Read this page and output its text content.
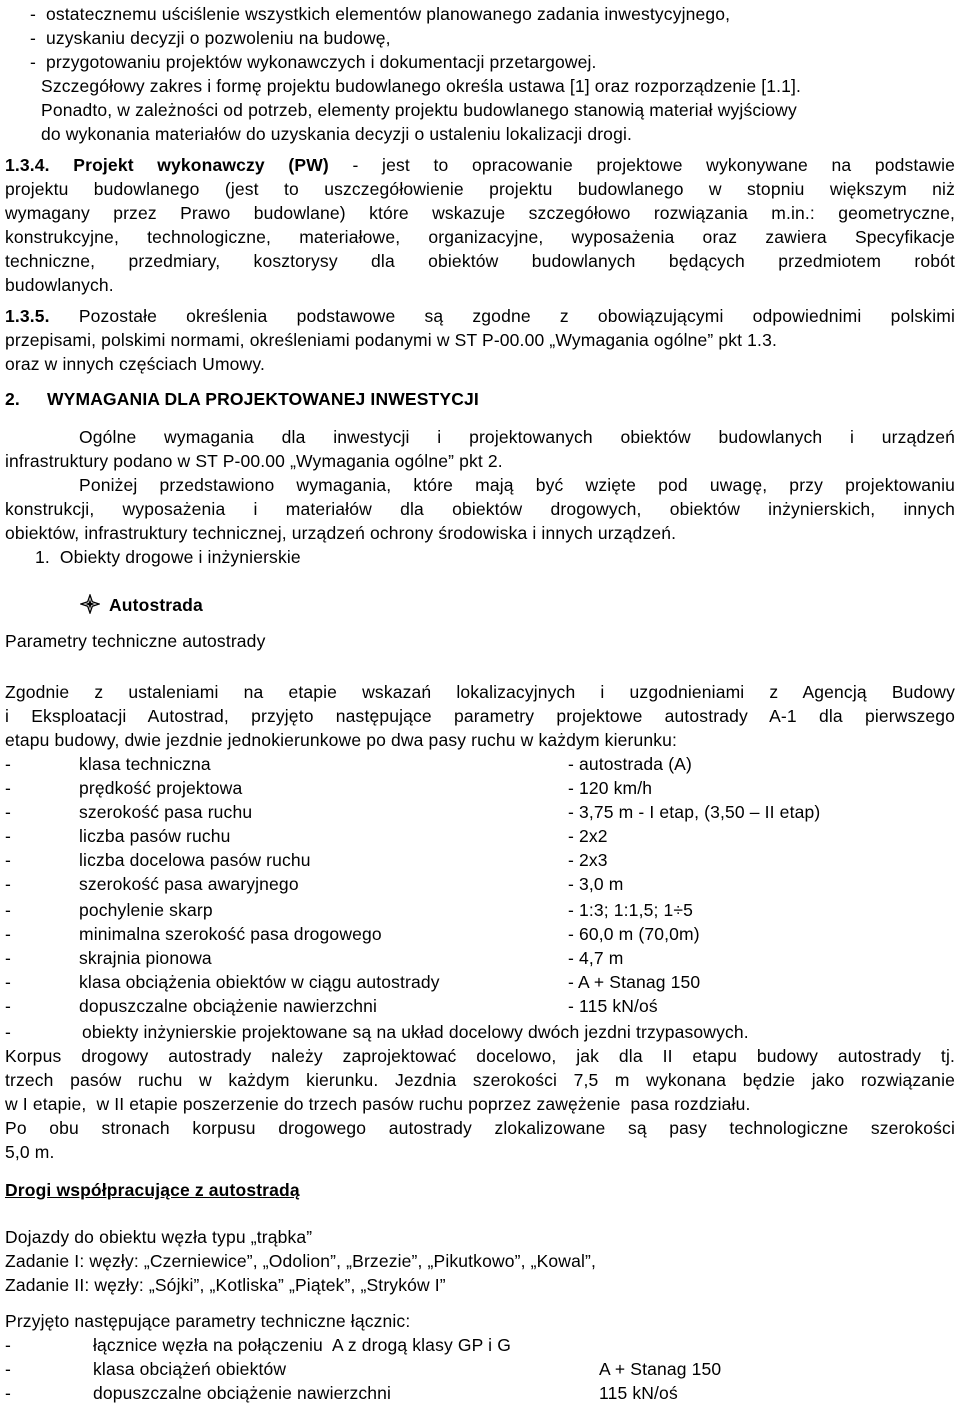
-  ostatecznemu uściślenie wszystkich elementów planowanego zadania inwestycyjnego,
-  uzyskaniu decyzji o pozwoleniu na budowę,
-  przygotowaniu projektów wykonawczych i dokumentacji przetargowej.
Szczegółowy zakres i formę projektu budowlanego określa ustawa [1] oraz rozporządzenie [1.1].
Ponadto, w zależności od potrzeb, elementy projektu budowlanego stanowią materiał wyjściowy
do wykonania materiałów do uzyskania decyzji o ustaleniu lokalizacji drogi.
1.3.4. Projekt wykonawczy (PW) - jest to opracowanie projektowe wykonywane na podstawie
projektu budowlanego (jest to uszczegółowienie projektu budowlanego w stopniu większym niż
wymagany przez Prawo budowlane) które wskazuje szczegółowo rozwiązania m.in.: geometryczne,
konstrukcyjne, technologiczne, materiałowe, organizacyjne, wyposażenia oraz zawiera Specyfikacje
techniczne, przedmiary, kosztorysy dla obiektów budowlanych będących przedmiotem robót
budowlanych.
1.3.5. Pozostałe określenia podstawowe są zgodne z obowiązującymi odpowiednimi polskimi
przepisami, polskimi normami, określeniami podanymi w ST P-00.00 „Wymagania ogólne” pkt 1.3.
oraz w innych częściach Umowy.
2. WYMAGANIA DLA PROJEKTOWANEJ INWESTYCJI
Ogólne wymagania dla inwestycji i projektowanych obiektów budowlanych i urządzeń
infrastruktury podano w ST P-00.00 „Wymagania ogólne” pkt 2.
Poniżej przedstawiono wymagania, które mają być wzięte pod uwagę, przy projektowaniu
konstrukcji, wyposażenia i materiałów dla obiektów drogowych, obiektów inżynierskich, innych
obiektów, infrastruktury technicznej, urządzeń ochrony środowiska i innych urządzeń.
1.  Obiekty drogowe i inżynierskie
Autostrada
Parametry techniczne autostrady
Zgodnie z ustaleniami na etapie wskazań lokalizacyjnych i uzgodnieniami z Agencją Budowy
i Eksploatacji Autostrad, przyjęto następujące parametry projektowe autostrady A-1 dla pierwszego
etapu budowy, dwie jezdnie jednokierunkowe po dwa pasy ruchu w każdym kierunku:
-	klasa techniczna	- autostrada (A)
-	prędkość projektowa	- 120 km/h
-	szerokość pasa ruchu	- 3,75 m - I etap, (3,50 – II etap)
-	liczba pasów ruchu	- 2x2
-	liczba docelowa pasów ruchu	- 2x3
-	szerokość pasa awaryjnego	- 3,0 m
-	pochylenie skarp	- 1:3; 1:1,5; 1÷5
-	minimalna szerokość pasa drogowego	- 60,0 m (70,0m)
-	skrajnia pionowa	- 4,7 m
-	klasa obciążenia obiektów w ciągu autostrady	- A + Stanag 150
-	dopuszczalne obciążenie nawierzchni	- 115 kN/oś
-	obiekty inżynierskie projektowane są na układ docelowy dwóch jezdni trzypasowych.
Korpus drogowy autostrady należy zaprojektować docelowo, jak dla II etapu budowy autostrady tj.
trzech pasów ruchu w każdym kierunku. Jezdnia szerokości 7,5 m wykonana będzie jako rozwiązanie
w I etapie,  w II etapie poszerzenie do trzech pasów ruchu poprzez zawężenie  pasa rozdziału.
Po obu stronach korpusu drogowego autostrady zlokalizowane są pasy technologiczne szerokości
5,0 m.
Drogi współpracujące z autostradą
Dojazdy do obiektu węzła typu „trąbka”
Zadanie I: węzły: „Czerniewice”, „Odolion”, „Brzezie”, „Pikutkowo”, „Kowal”,
Zadanie II: węzły: „Sójki”, „Kotliska” „Piątek”, „Stryków I”
Przyjęto następujące parametry techniczne łącznic:
-	łącznice węzła na połączeniu  A z drogą klasy GP i G
-	klasa obciążeń obiektów	A + Stanag 150
-	dopuszczalne obciążenie nawierzchni	115 kN/oś
